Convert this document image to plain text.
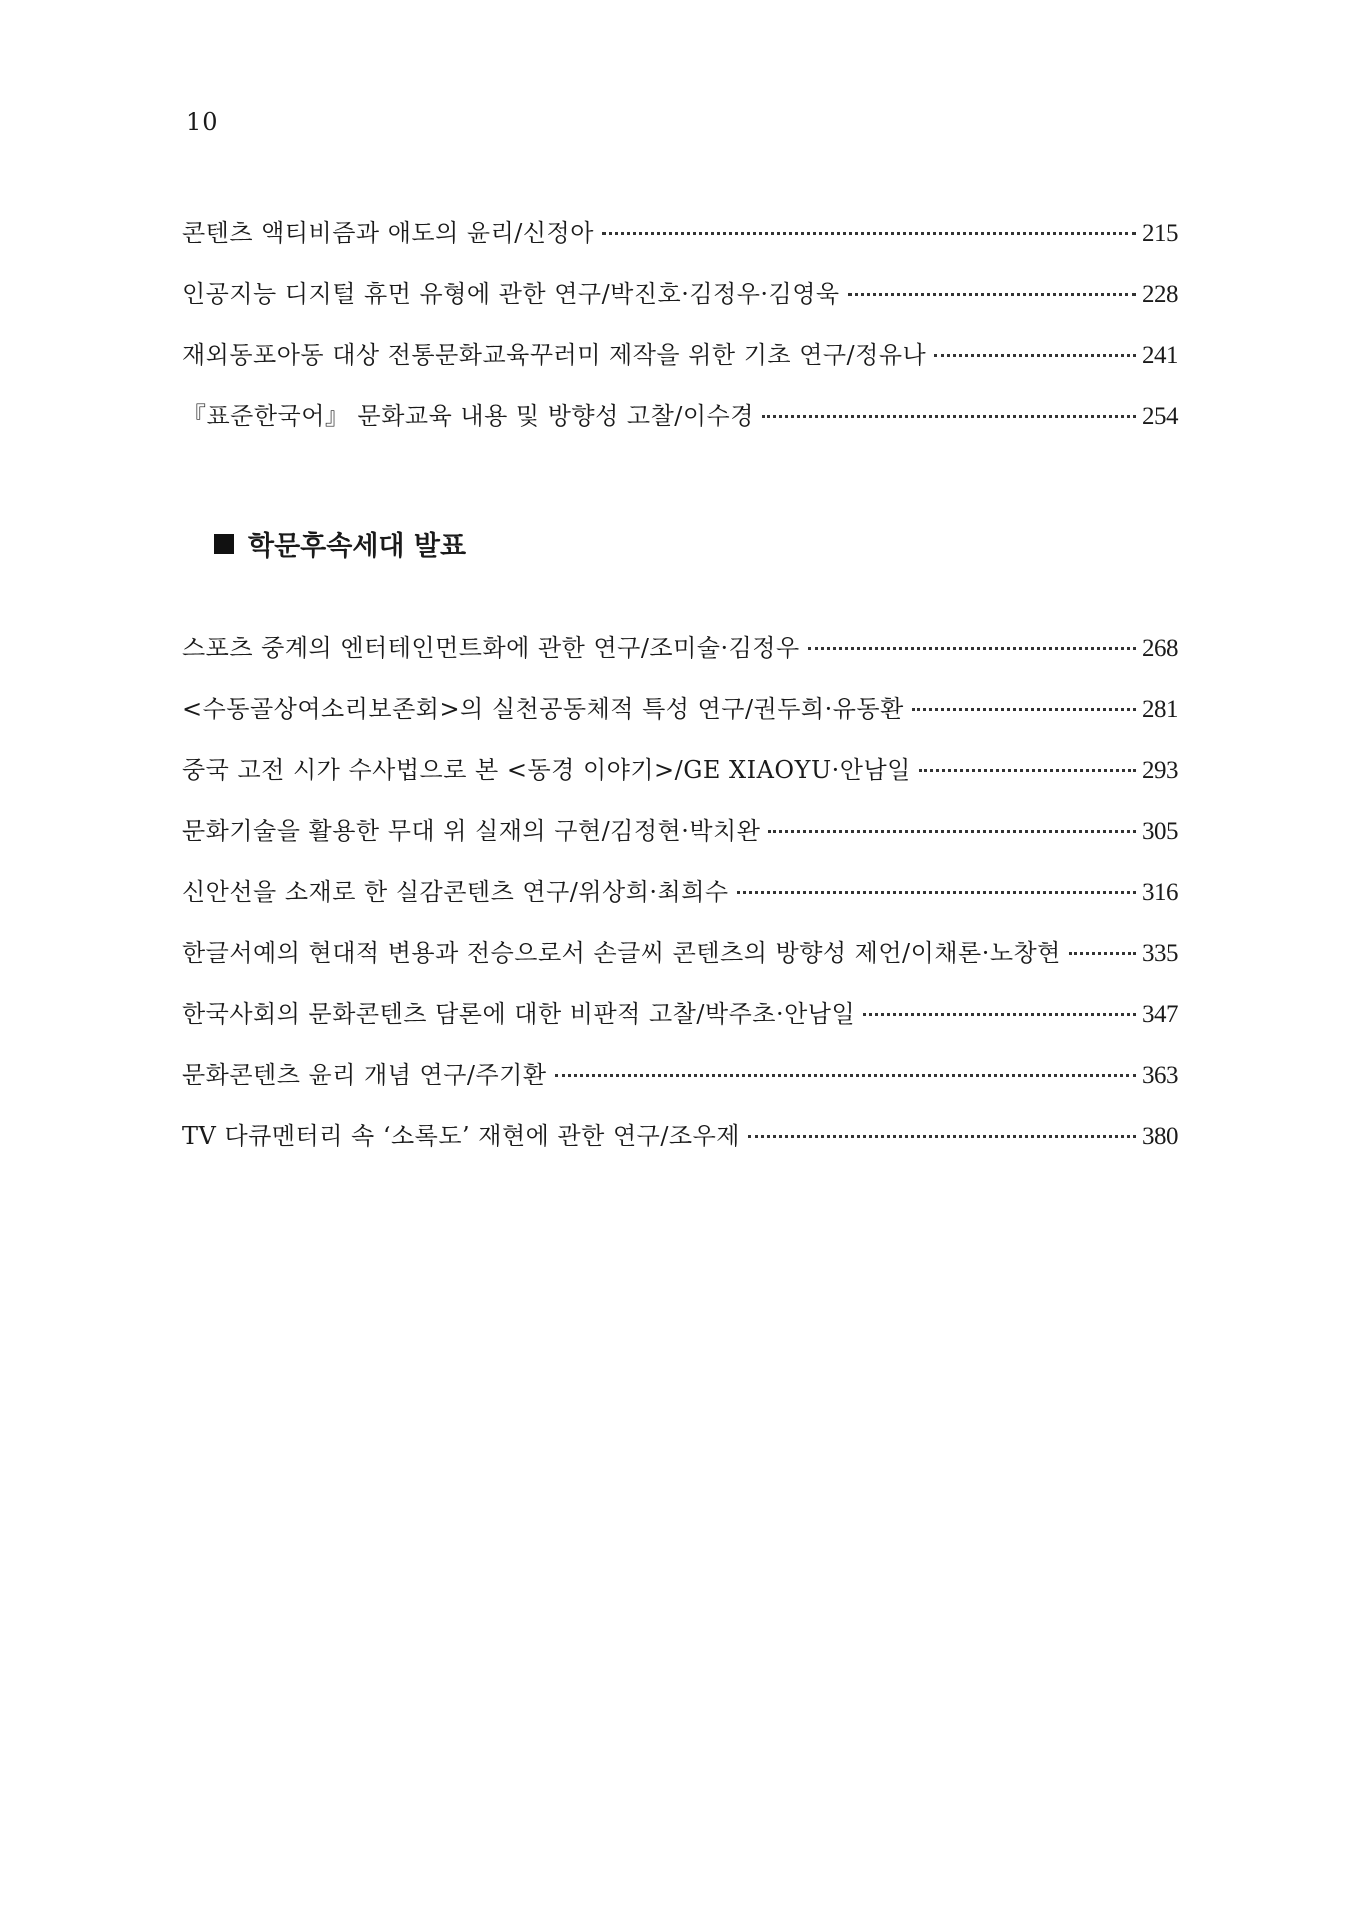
10
콘텐츠 액티비즘과 애도의 윤리/신정아	215
인공지능 디지털 휴먼 유형에 관한 연구/박진호·김정우·김영욱	228
재외동포아동 대상 전통문화교육꾸러미 제작을 위한 기초 연구/정유나	241
『표준한국어』 문화교육 내용 및 방향성 고찰/이수경	254
학문후속세대 발표
스포츠 중계의 엔터테인먼트화에 관한 연구/조미술·김정우	268
<수동골상여소리보존회>의 실천공동체적 특성 연구/권두희·유동환	281
중국 고전 시가 수사법으로 본 <동경 이야기>/GE XIAOYU·안남일	293
문화기술을 활용한 무대 위 실재의 구현/김정현·박치완	305
신안선을 소재로 한 실감콘텐츠 연구/위상희·최희수	316
한글서예의 현대적 변용과 전승으로서 손글씨 콘텐츠의 방향성 제언/이채론·노창현	335
한국사회의 문화콘텐츠 담론에 대한 비판적 고찰/박주초·안남일	347
문화콘텐츠 윤리 개념 연구/주기환	363
TV 다큐멘터리 속 ‘소록도’ 재현에 관한 연구/조우제	380
